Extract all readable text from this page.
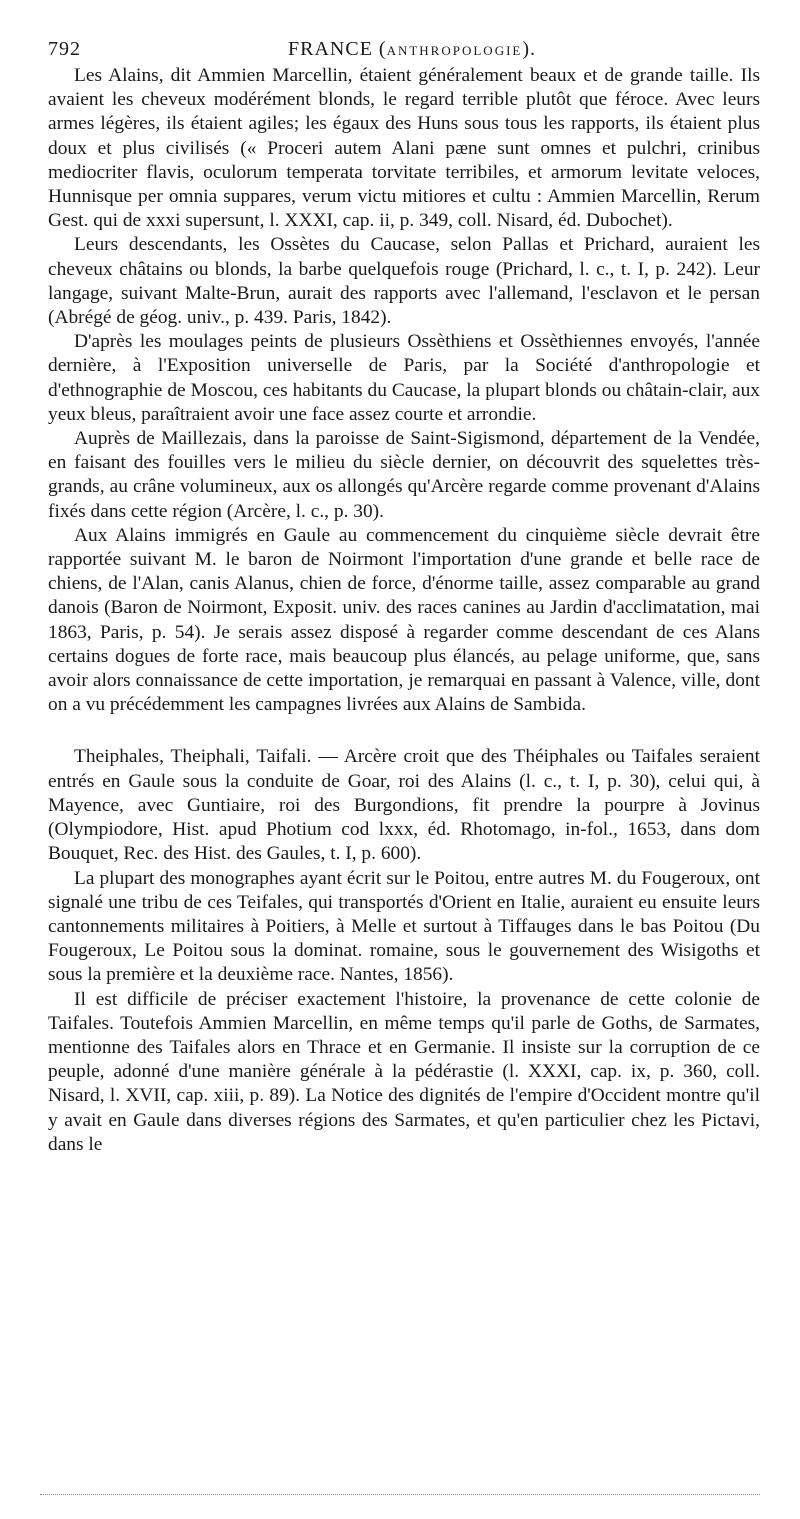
792	FRANCE (ANTHROPOLOGIE).

Les Alains, dit Ammien Marcellin, étaient généralement beaux et de grande taille. Ils avaient les cheveux modérément blonds, le regard terrible plutôt que féroce. Avec leurs armes légères, ils étaient agiles; les égaux des Huns sous tous les rapports, ils étaient plus doux et plus civilisés (« Proceri autem Alani pæne sunt omnes et pulchri, crinibus mediocriter flavis, oculorum temperata torvitate terribiles, et armorum levitate veloces, Hunnisque per omnia suppares, verum victu mitiores et cultu : Ammien Marcellin, Rerum Gest. qui de xxxi supersunt, l. XXXI, cap. ii, p. 349, coll. Nisard, éd. Dubochet).

Leurs descendants, les Ossètes du Caucase, selon Pallas et Prichard, auraient les cheveux châtains ou blonds, la barbe quelquefois rouge (Prichard, l. c., t. I, p. 242). Leur langage, suivant Malte-Brun, aurait des rapports avec l'allemand, l'esclavon et le persan (Abrégé de géog. univ., p. 439. Paris, 1842).

D'après les moulages peints de plusieurs Ossèthiens et Ossèthiennes envoyés, l'année dernière, à l'Exposition universelle de Paris, par la Société d'anthropologie et d'ethnographie de Moscou, ces habitants du Caucase, la plupart blonds ou châtain-clair, aux yeux bleus, paraîtraient avoir une face assez courte et arrondie.

Auprès de Maillezais, dans la paroisse de Saint-Sigismond, département de la Vendée, en faisant des fouilles vers le milieu du siècle dernier, on découvrit des squelettes très-grands, au crâne volumineux, aux os allongés qu'Arcère regarde comme provenant d'Alains fixés dans cette région (Arcère, l. c., p. 30).

Aux Alains immigrés en Gaule au commencement du cinquième siècle devrait être rapportée suivant M. le baron de Noirmont l'importation d'une grande et belle race de chiens, de l'Alan, canis Alanus, chien de force, d'énorme taille, assez comparable au grand danois (Baron de Noirmont, Exposit. univ. des races canines au Jardin d'acclimatation, mai 1863, Paris, p. 54). Je serais assez disposé à regarder comme descendant de ces Alans certains dogues de forte race, mais beaucoup plus élancés, au pelage uniforme, que, sans avoir alors connaissance de cette importation, je remarquai en passant à Valence, ville, dont on a vu précédemment les campagnes livrées aux Alains de Sambida.

Theiphales, Theiphali, Taifali. — Arcère croit que des Théiphales ou Taifales seraient entrés en Gaule sous la conduite de Goar, roi des Alains (l. c., t. I, p. 30), celui qui, à Mayence, avec Guntiaire, roi des Burgondions, fit prendre la pourpre à Jovinus (Olympiodore, Hist. apud Photium cod lxxx, éd. Rhotomago, in-fol., 1653, dans dom Bouquet, Rec. des Hist. des Gaules, t. I, p. 600).

La plupart des monographes ayant écrit sur le Poitou, entre autres M. du Fougeroux, ont signalé une tribu de ces Teifales, qui transportés d'Orient en Italie, auraient eu ensuite leurs cantonnements militaires à Poitiers, à Melle et surtout à Tiffauges dans le bas Poitou (Du Fougeroux, Le Poitou sous la dominat. romaine, sous le gouvernement des Wisigoths et sous la première et la deuxième race. Nantes, 1856).

Il est difficile de préciser exactement l'histoire, la provenance de cette colonie de Taifales. Toutefois Ammien Marcellin, en même temps qu'il parle de Goths, de Sarmates, mentionne des Taifales alors en Thrace et en Germanie. Il insiste sur la corruption de ce peuple, adonné d'une manière générale à la pédérastie (l. XXXI, cap. ix, p. 360, coll. Nisard, l. XVII, cap. xiii, p. 89). La Notice des dignités de l'empire d'Occident montre qu'il y avait en Gaule dans diverses régions des Sarmates, et qu'en particulier chez les Pictavi, dans le
